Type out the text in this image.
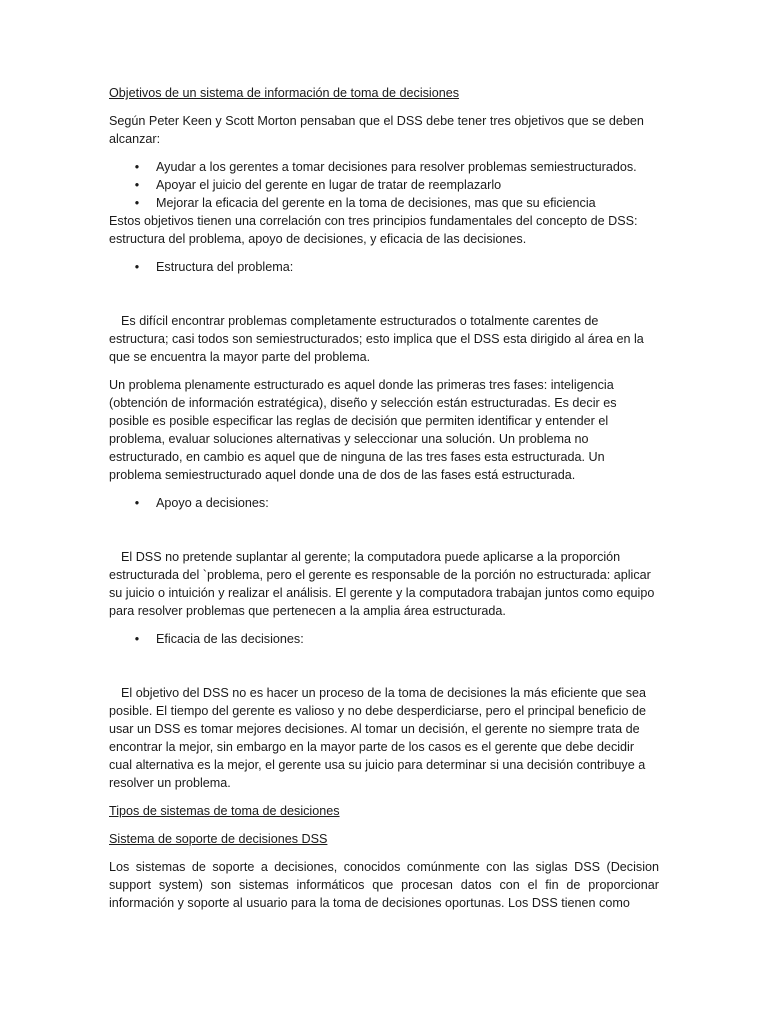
Objetivos de un sistema de información de toma de decisiones

Según Peter Keen y Scott Morton pensaban que el DSS debe tener tres objetivos que se deben alcanzar:

• Ayudar a los gerentes a tomar decisiones para resolver problemas semiestructurados.
• Apoyar el juicio del gerente en lugar de tratar de reemplazarlo
• Mejorar la eficacia del gerente en la toma de decisiones, mas que su eficiencia

Estos objetivos tienen una correlación con tres principios fundamentales del concepto de DSS: estructura del problema, apoyo de decisiones, y eficacia de las decisiones.

• Estructura del problema:

Es difícil encontrar problemas completamente estructurados o totalmente carentes de estructura; casi todos son semiestructurados; esto implica que el DSS esta dirigido al área en la que se encuentra la mayor parte del problema.

Un problema plenamente estructurado es aquel donde las primeras tres fases: inteligencia (obtención de información estratégica), diseño y selección están estructuradas. Es decir es posible es posible especificar las reglas de decisión que permiten identificar y entender el problema, evaluar soluciones alternativas y seleccionar una solución. Un problema no estructurado, en cambio es aquel que de ninguna de las tres fases esta estructurada. Un problema semiestructurado aquel donde una de dos de las fases está estructurada.

• Apoyo a decisiones:

El DSS no pretende suplantar al gerente; la computadora puede aplicarse a la proporción estructurada del `problema, pero el gerente es responsable de la porción no estructurada: aplicar su juicio o intuición y realizar el análisis. El gerente y la computadora trabajan juntos como equipo para resolver problemas que pertenecen a la amplia área estructurada.

• Eficacia de las decisiones:

El objetivo del DSS no es hacer un proceso de la toma de decisiones la más eficiente que sea posible. El tiempo del gerente es valioso y no debe desperdiciarse, pero el principal beneficio de usar un DSS es tomar mejores decisiones. Al tomar un decisión, el gerente no siempre trata de encontrar la mejor, sin embargo en la mayor parte de los casos es el gerente que debe decidir cual alternativa es la mejor, el gerente usa su juicio para determinar si una decisión contribuye a resolver un problema.

Tipos de sistemas de toma de desiciones

Sistema de soporte de decisiones DSS

Los sistemas de soporte a decisiones, conocidos comúnmente con las siglas DSS (Decision support system) son sistemas informáticos que procesan datos con el fin de proporcionar información y soporte al usuario para la toma de decisiones oportunas. Los DSS tienen como
